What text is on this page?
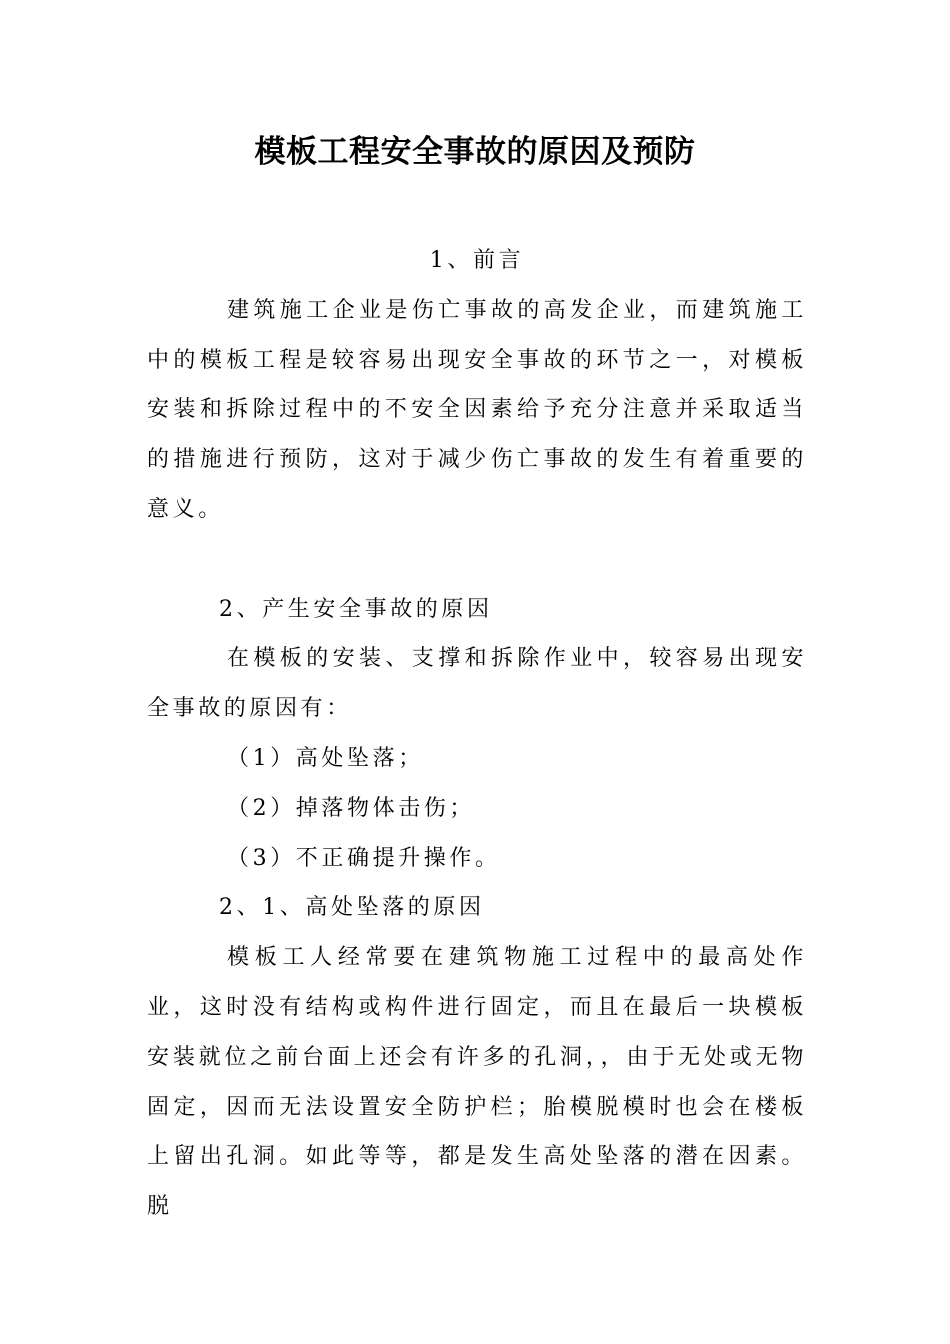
模板工程安全事故的原因及预防

1、前言

建筑施工企业是伤亡事故的高发企业，而建筑施工中的模板工程是较容易出现安全事故的环节之一，对模板安装和拆除过程中的不安全因素给予充分注意并采取适当的措施进行预防，这对于减少伤亡事故的发生有着重要的意义。

2、产生安全事故的原因

在模板的安装、支撑和拆除作业中，较容易出现安全事故的原因有：

（1）高处坠落；

（2）掉落物体击伤；

（3）不正确提升操作。

2、1、高处坠落的原因

模板工人经常要在建筑物施工过程中的最高处作业，这时没有结构或构件进行固定，而且在最后一块模板安装就位之前台面上还会有许多的孔洞，，由于无处或无物固定，因而无法设置安全防护栏；胎模脱模时也会在楼板上留出孔洞。如此等等，都是发生高处坠落的潜在因素。脱
